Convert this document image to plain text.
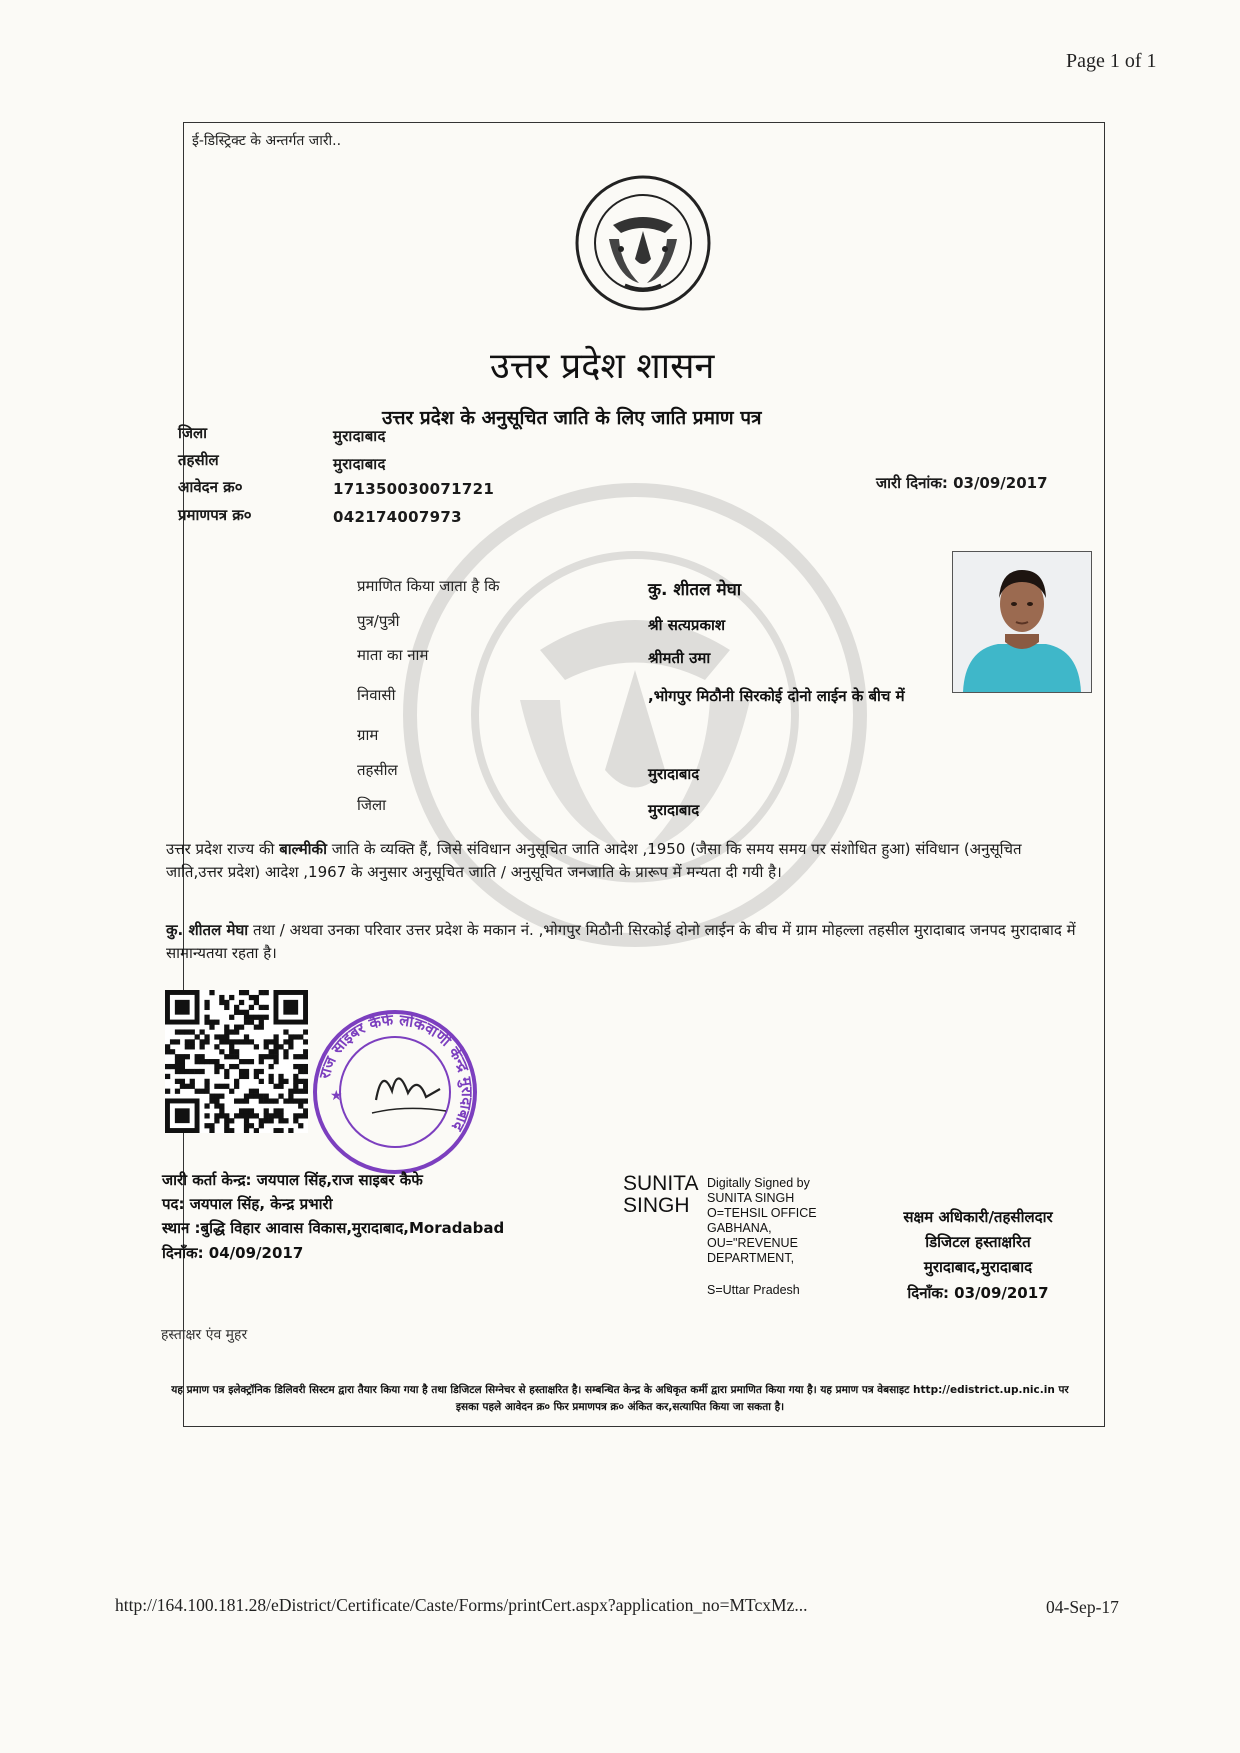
Page 1 of 1
ई-डिस्ट्रिक्ट के अन्तर्गत जारी..
उत्तर प्रदेश शासन
उत्तर प्रदेश के अनुसूचित जाति के लिए जाति प्रमाण पत्र
जिला	मुरादाबाद
तहसील	मुरादाबाद
आवेदन क्र०	171350030071721
प्रमाणपत्र क्र०	042174007973
जारी दिनांक: 03/09/2017
प्रमाणित किया जाता है कि	कु. शीतल मेघा
पुत्र/पुत्री	श्री सत्यप्रकाश
माता का नाम	श्रीमती उमा
निवासी	,भोगपुर मिठौनी सिरकोई दोनो लाईन के बीच में
ग्राम
तहसील	मुरादाबाद
जिला	मुरादाबाद
उत्तर प्रदेश राज्य की बाल्मीकी जाति के व्यक्ति हैं, जिसे संविधान अनुसूचित जाति आदेश ,1950 (जैसा कि समय समय पर संशोधित हुआ) संविधान (अनुसूचित जाति,उत्तर प्रदेश) आदेश ,1967 के अनुसार अनुसूचित जाति / अनुसूचित जनजाति के प्रारूप में मन्यता दी गयी है।
कु. शीतल मेघा तथा / अथवा उनका परिवार उत्तर प्रदेश के मकान नं. ,भोगपुर मिठौनी सिरकोई दोनो लाईन के बीच में ग्राम मोहल्ला तहसील मुरादाबाद जनपद मुरादाबाद में सामान्यतया रहता है।
राज साइबर कैफे लोकवाणी केन्द्र मुरादाबाद
★
जारी कर्ता केन्द्र: जयपाल सिंह,राज साइबर कैफे
पद: जयपाल सिंह, केन्द्र प्रभारी
स्थान :बुद्धि विहार आवास विकास,मुरादाबाद,Moradabad
दिनाँक: 04/09/2017
SUNITA
SINGH
Digitally Signed by
SUNITA SINGH
O=TEHSIL OFFICE
GABHANA,
OU="REVENUE
DEPARTMENT,
S=Uttar Pradesh
सक्षम अधिकारी/तहसीलदार
डिजिटल हस्ताक्षरित
मुरादाबाद,मुरादाबाद
दिनाँक: 03/09/2017
हस्ताक्षर एंव मुहर
यह प्रमाण पत्र इलेक्ट्रॉनिक डिलिवरी सिस्टम द्वारा तैयार किया गया है तथा डिजिटल सिग्नेचर से हस्ताक्षरित है। सम्बन्धित केन्द्र के अधिकृत कर्मी द्वारा प्रमाणित किया गया है। यह प्रमाण पत्र वेबसाइट http://edistrict.up.nic.in पर इसका पहले आवेदन क्र० फिर प्रमाणपत्र क्र० अंकित कर,सत्यापित किया जा सकता है।
http://164.100.181.28/eDistrict/Certificate/Caste/Forms/printCert.aspx?application_no=MTcxMz...	04-Sep-17
